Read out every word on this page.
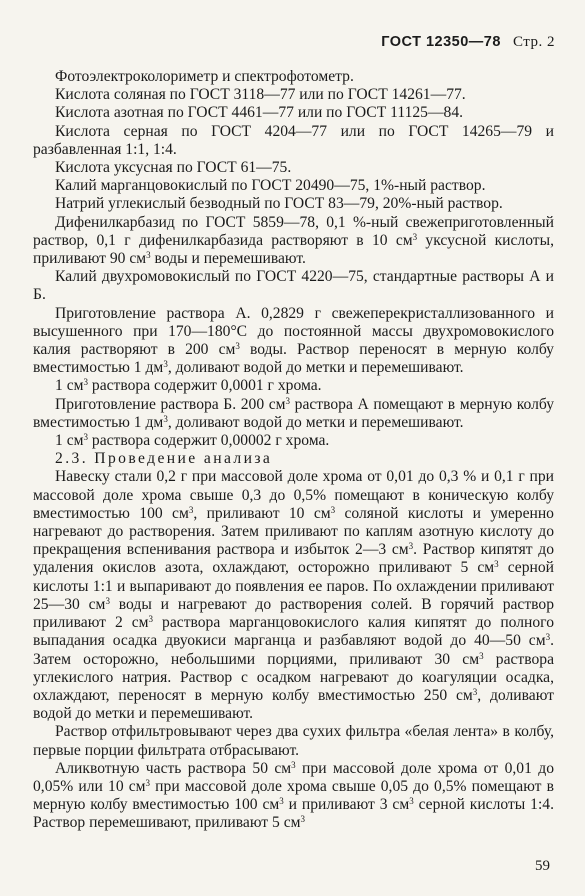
ГОСТ 12350—78 Стр. 2

Фотоэлектроколориметр и спектрофотометр.

Кислота соляная по ГОСТ 3118—77 или по ГОСТ 14261—77.

Кислота азотная по ГОСТ 4461—77 или по ГОСТ 11125—84.

Кислота серная по ГОСТ 4204—77 или по ГОСТ 14265—79 и разбавленная 1:1, 1:4.

Кислота уксусная по ГОСТ 61—75.

Калий марганцовокислый по ГОСТ 20490—75, 1%-ный раствор.

Натрий углекислый безводный по ГОСТ 83—79, 20%-ный раствор.

Дифенилкарбазид по ГОСТ 5859—78, 0,1 %-ный свежеприготовленный раствор, 0,1 г дифенилкарбазида растворяют в 10 $см^3$ уксусной кислоты, приливают 90 $см^3$ воды и перемешивают.

Калий двухромовокислый по ГОСТ 4220—75, стандартные растворы А и Б.

Приготовление раствора А. 0,2829 г свежеперекристаллизованного и высушенного при 170—180°С до постоянной массы двухромовокислого калия растворяют в 200 $см^3$ воды. Раствор переносят в мерную колбу вместимостью 1 $дм^3$, доливают водой до метки и перемешивают.

1 $см^3$ раствора содержит 0,0001 г хрома.

Приготовление раствора Б. 200 $см^3$ раствора А помещают в мерную колбу вместимостью 1 $дм^3$, доливают водой до метки и перемешивают.

1 $см^3$ раствора содержит 0,00002 г хрома.

2.3. Проведение анализа

Навеску стали 0,2 г при массовой доле хрома от 0,01 до 0,3 % и 0,1 г при массовой доле хрома свыше 0,3 до 0,5% помещают в коническую колбу вместимостью 100 $см^3$, приливают 10 $см^3$ соляной кислоты и умеренно нагревают до растворения. Затем приливают по каплям азотную кислоту до прекращения вспенивания раствора и избыток 2—3 $см^3$. Раствор кипятят до удаления окислов азота, охлаждают, осторожно приливают 5 $см^3$ серной кислоты 1:1 и выпаривают до появления ее паров. По охлаждении приливают 25—30 $см^3$ воды и нагревают до растворения солей. В горячий раствор приливают 2 $см^3$ раствора марганцовокислого калия кипятят до полного выпадания осадка двуокиси марганца и разбавляют водой до 40—50 $см^3$. Затем осторожно, небольшими порциями, приливают 30 $см^3$ раствора углекислого натрия. Раствор с осадком нагревают до коагуляции осадка, охлаждают, переносят в мерную колбу вместимостью 250 $см^3$, доливают водой до метки и перемешивают.

Раствор отфильтровывают через два сухих фильтра «белая лента» в колбу, первые порции фильтрата отбрасывают.

Аликвотную часть раствора 50 $см^3$ при массовой доле хрома от 0,01 до 0,05% или 10 $см^3$ при массовой доле хрома свыше 0,05 до 0,5% помещают в мерную колбу вместимостью 100 $см^3$ и приливают 3 $см^3$ серной кислоты 1:4. Раствор перемешивают, приливают 5 $см^3$

59
